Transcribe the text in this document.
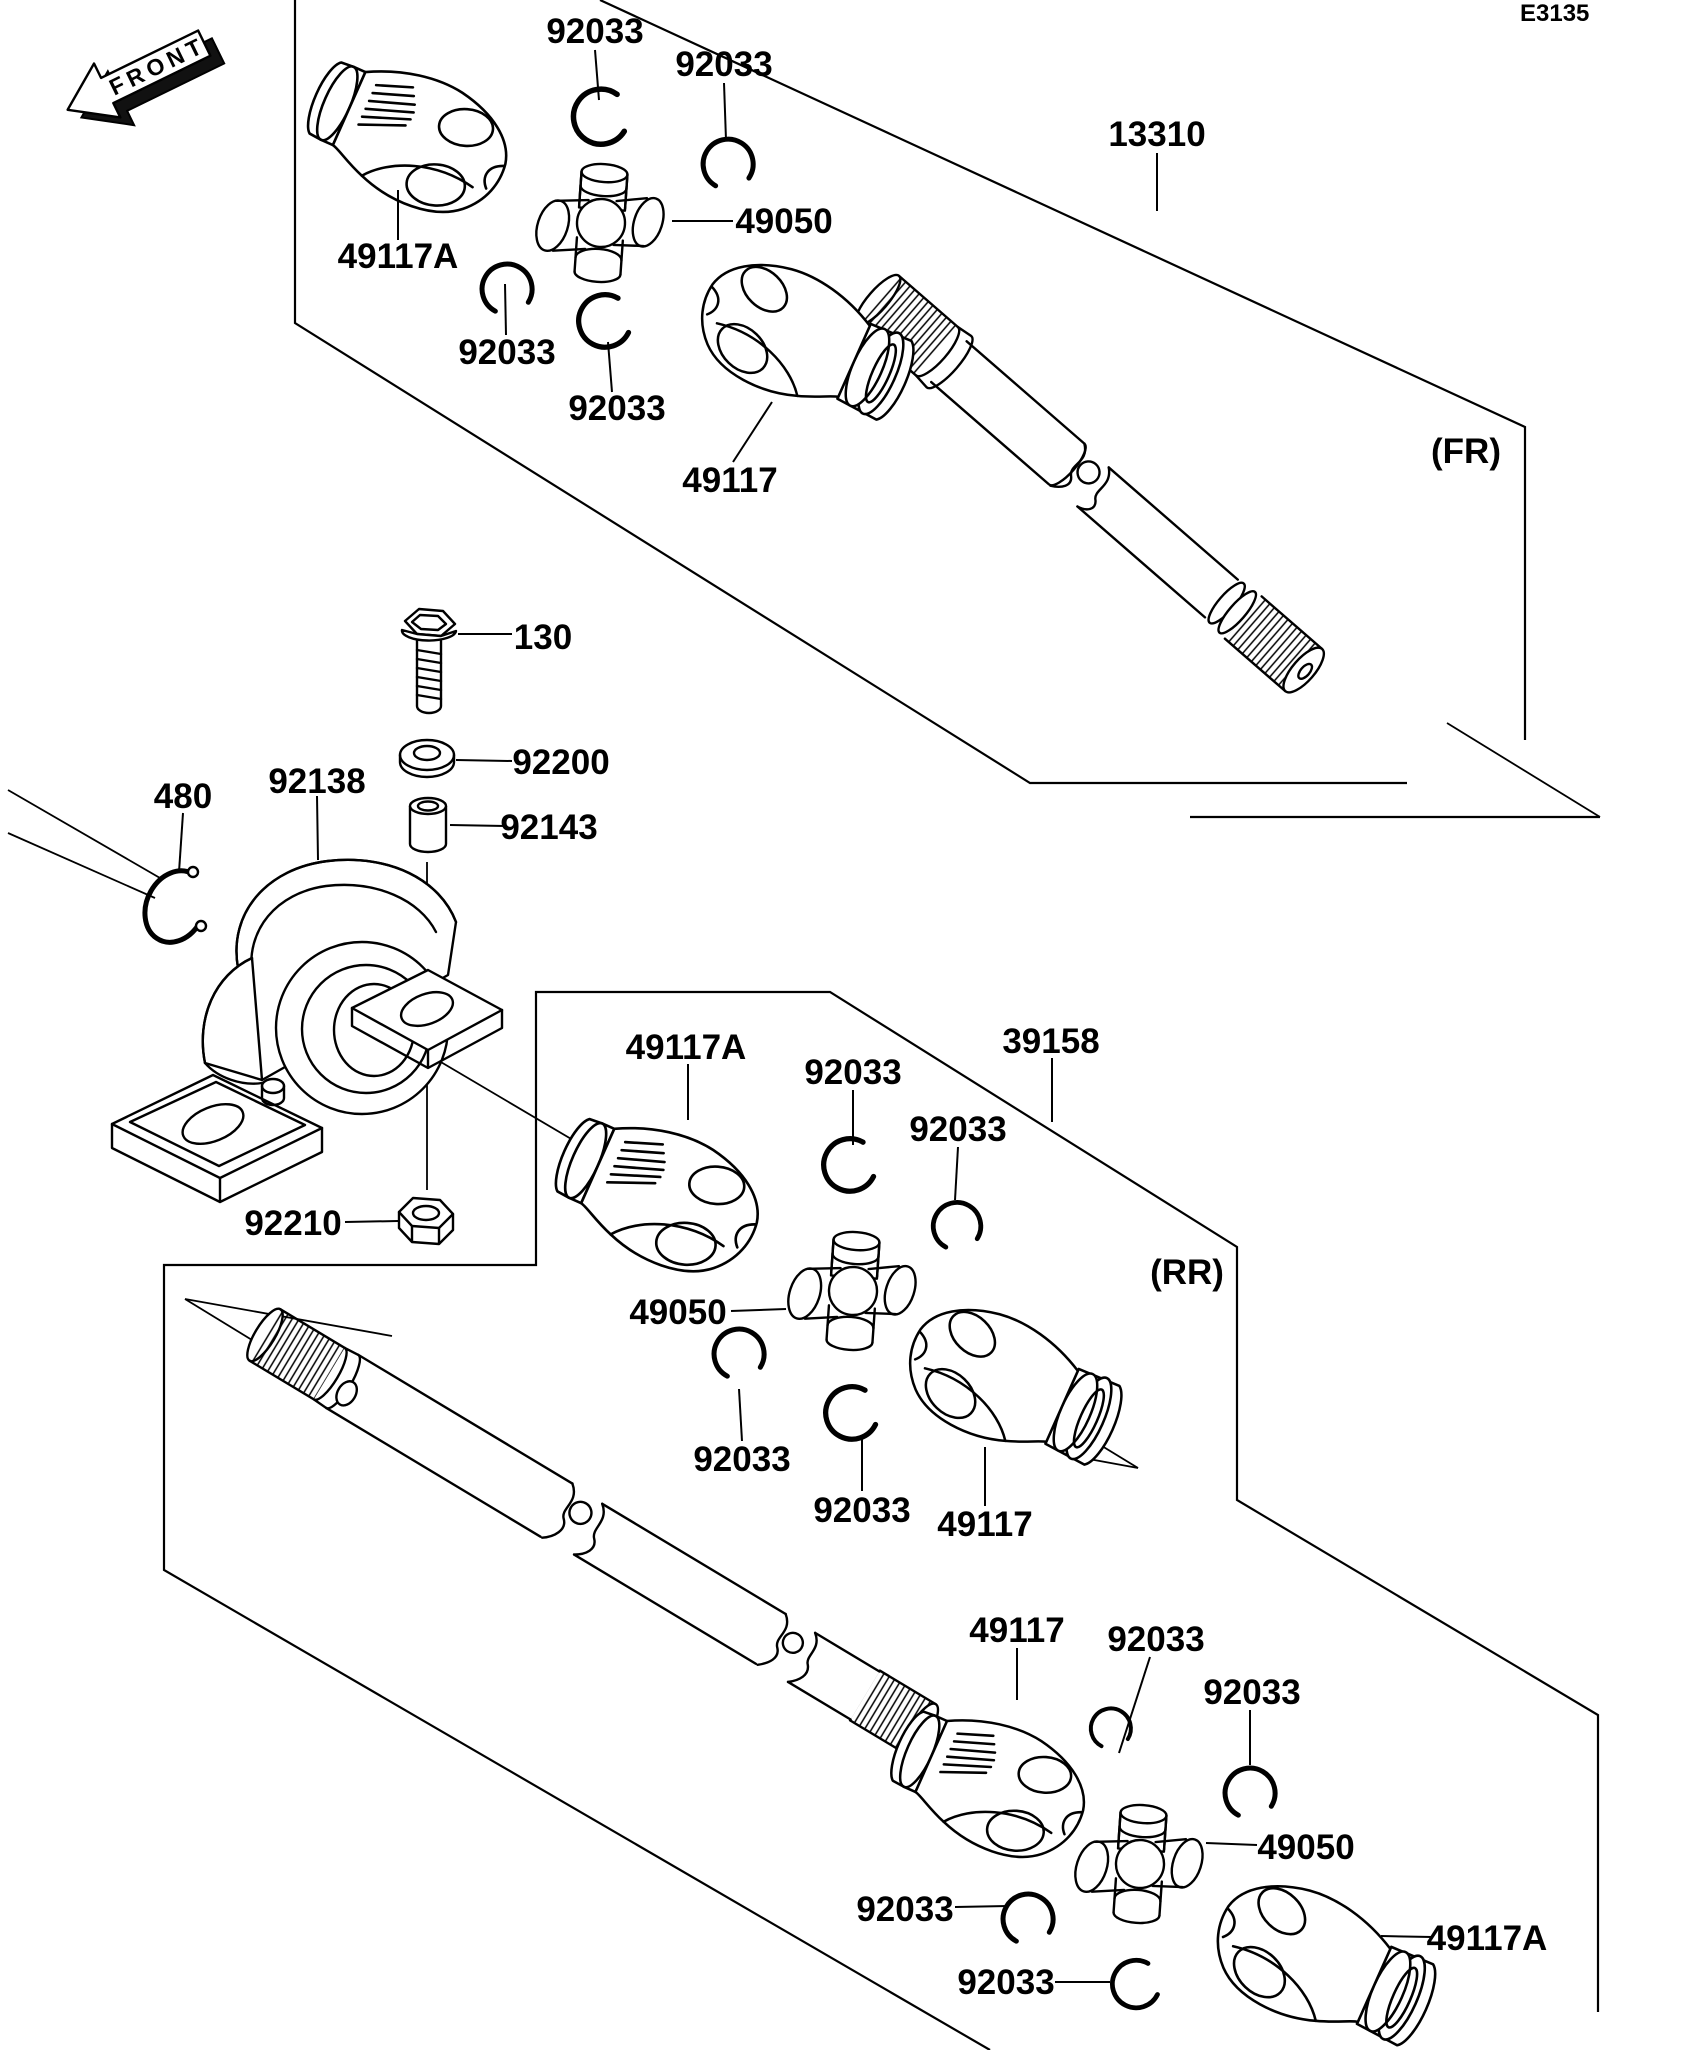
FRONT
E3135
92033
92033
13310
49050
49117A
92033
92033
(FR)
49117
130
92200
92143
480 92138
92210
49117A
92033
92033
39158
(RR)
49050
92033
92033 49117
49117 92033
92033
49050
49117A
92033
92033
